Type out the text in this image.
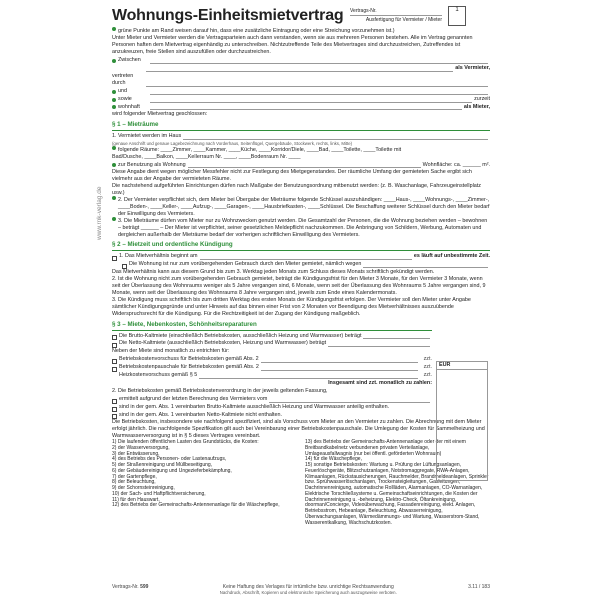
Wohnungs-Einheitsmietvertrag	Vertrags-Nr.
Ausfertigung für Vermieter / Mieter
1
www.rnk-verlag.de
grüne Punkte am Rand weisen darauf hin, dass eine zusätzliche Eintragung oder eine Streichung vorzunehmen ist.)
Unter Mieter und Vermieter werden die Vertragsparteien auch dann verstanden, wenn sie aus mehreren Personen bestehen. Alle im Vertrag genannten Personen haften dem Mietvertrag eigenhändig zu unterschreiben. Nichtzutreffende Teile des Mietvertrages sind durchzustreichen, Zutreffendes ist anzukreuzen, freie Stellen sind auszufüllen oder durchzustreichen.
Zwischen
als Vermieter,
vertreten durch
und
sowie	zurzeit
wohnhaft	als Mieter,
wird folgender Mietvertrag geschlossen:
§ 1 – Mieträume
1. Vermietet werden im Haus
(genaue Anschrift und genaue Lagebezeichnung nach Vorderhaus, Seitenflügel, Quergebäude, Stockwerk, rechts, links, Mitte)
folgende Räume: ____Zimmer, ____Kammer, ____Küche, ____Korridor/Diele, ____Bad, ____Toilette, ____Toilette mit
Bad/Dusche, ____Balkon, ____Kellerraum Nr. ____, ____Bodenraum Nr. ____
zur Benutzung als Wohnung	Wohnfläche: ca. ______ m².
Diese Angabe dient wegen möglicher Messfehler nicht zur Festlegung des Mietgegenstandes. Der räumliche Umfang der gemieteten Sache ergibt sich vielmehr aus der Angabe der vermieteten Räume.
Die nachstehend aufgeführten Einrichtungen dürfen nach Maßgabe der Benutzungsordnung mitbenutzt werden: (z. B. Waschanlage, Fahrzeugeinstellplatz usw.)
2. Der Vermieter verpflichtet sich, dem Mieter bei Übergabe der Mieträume folgende Schlüssel auszuhändigen: ____Haus-, ____Wohnungs-, ____Zimmer-, ____Boden-, ____Keller-, ____Aufzug-, ____Garagen-, ____Hausbriefkasten-, ____Schlüssel. Die Beschaffung weiterer Schlüssel durch den Mieter bedarf der Einwilligung des Vermieters.
3. Die Mieträume dürfen vom Mieter nur zu Wohnzwecken genutzt werden. Die Gesamtzahl der Personen, die die Wohnung beziehen werden – bewohnen – beträgt ______ – Der Mieter ist verpflichtet, seiner gesetzlichen Meldepflicht nachzukommen. Die Anbringung von Schildern, Werbung, Automaten und dergleichen außerhalb der Mieträume bedarf der vorherigen schriftlichen Einwilligung des Vermieters.
§ 2 – Mietzeit und ordentliche Kündigung
1. Das Mietverhältnis beginnt am	es läuft auf unbestimmte Zeit.
Die Wohnung ist nur zum vorübergehenden Gebrauch durch den Mieter gemietet, nämlich wegen
Das Mietverhältnis kann aus diesem Grund bis zum 3. Werktag jeden Monats zum Schluss dieses Monats schriftlich gekündigt werden.
2. Ist die Wohnung nicht zum vorübergehenden Gebrauch gemietet, beträgt die Kündigungsfrist für den Mieter 3 Monate, für den Vermieter 3 Monate, wenn seit der Überlassung des Wohnraums weniger als 5 Jahre vergangen sind, 6 Monate, wenn seit der Überlassung des Wohnraums 5 Jahre vergangen sind, 9 Monate, wenn seit der Überlassung des Wohnraums 8 Jahre vergangen sind, jeweils zum Ende eines Kalendermonats.
3. Die Kündigung muss schriftlich bis zum dritten Werktag des ersten Monats der Kündigungsfrist erfolgen. Der Vermieter soll den Mieter unter Angabe sämtlicher Kündigungsgründe und unter Hinweis auf das binnen einer Frist von 2 Monaten vor Beendigung des Mietverhältnisses auszuübende Widerspruchsrecht für die Kündigung. Für die Rechtzeitigkeit ist der Zugang der Kündigung maßgeblich.
§ 3 – Miete, Nebenkosten, Schönheitsreparaturen
EUR
Die Brutto-Kaltmiete (einschließlich Betriebskosten, ausschließlich Heizung und Warmwasser) beträgt
Die Netto-Kaltmiete (ausschließlich Betriebskosten, Heizung und Warmwasser) beträgt
Neben der Miete sind monatlich zu entrichten für:
Betriebskostenvorschuss für Betriebskosten gemäß Abs. 2	zzt.
Betriebskostenpauschale für Betriebskosten gemäß Abs. 2	zzt.
Heizkostenvorschuss gemäß § 5	zzt.
Insgesamt sind zzt. monatlich zu zahlen:
2. Die Betriebskosten gemäß Betriebskostenverordnung in der jeweils geltenden Fassung,
ermittelt aufgrund der letzten Berechnung des Vermieters vom
sind in der gem. Abs. 1 vereinbarten Brutto-Kaltmiete ausschließlich Heizung und Warmwasser anteilig enthalten.
sind in der gem. Abs. 1 vereinbarten Netto-Kaltmiete nicht enthalten.
Die Betriebskosten, insbesondere wie nachfolgend spezifiziert, sind als Vorschuss vom Mieter an den Vermieter zu zahlen. Die Abrechnung mit dem Mieter erfolgt jährlich. Die nachfolgende Spezifikation gilt auch bei Vereinbarung einer Betriebskostenpauschale. Die Umlegung der Kosten für Sammelheizung und Warmwasserversorgung ist in § 5 dieses Vertrages vereinbart.
1) Die laufenden öffentlichen Lasten des Grundstücks, die Kosten:
2) der Wasserversorgung,
3) der Entwässerung,
4) des Betriebs des Personen- oder Lastenaufzugs,
5) der Straßenreinigung und Müllbeseitigung,
6) der Gebäudereinigung und Ungezieferbekämpfung,
7) der Gartenpflege,
8) der Beleuchtung,
9) der Schornsteinreinigung,
10) der Sach- und Haftpflichtversicherung,
11) für den Hauswart,
12) des Betriebs der Gemeinschafts-Antennenanlage für die Wäschepflege,
13) des Betriebs der Gemeinschafts-Antennenanlage oder der mit einem Breitbandkabelnetz verbundenen privaten Verteilanlage,
Umlageausfallwagnis (nur bei öffentl. geförderten Wohnraum)
14) für die Wäschepflege,
15) sonstige Betriebskosten: Wartung u. Prüfung der Lüftungsanlagen, Feuerlöschgeräte, Blitzschutzanlagen, Notstromaggregate, RWA-Anlagen, Klimaanlagen, Rückstausicherungen, Rauchmelder, Brandmeldeanlagen, Sprinkler bzw. Sprühwasserlöschanlagen, Trockensteigleitungen, Gasleitungen, Dachrinnenreinigung, automatische Rollläden, Alarmanlagen, CO-Warnanlagen, Elektrische Torschließsysteme u. Gemeinschaftseinrichtungen, die Kosten der Dachrinnenreinigung u. -beheizung, Elektro-Check, Öltankreinigung, doorman/Concierge, Videoüberwachung, Fassadenreinigung, elekt. Anlagen, Betriebsstrom, Hebeanlage, Beleuchtung, Abwasserreinigung, Überwachungsanlagen, Wärmedämmungs- und Wartung, Wasserstrom-Stand, Wasserentkalkung, Wachschutzkosten.
Vertrags-Nr. 599	Keine Haftung des Verlages für irrtümliche bzw. unrichtige Rechtsanwendung
Nachdruck, Abschrift, Kopieren und elektronische Speicherung auch auszugsweise verboten.
3.11 / 183
